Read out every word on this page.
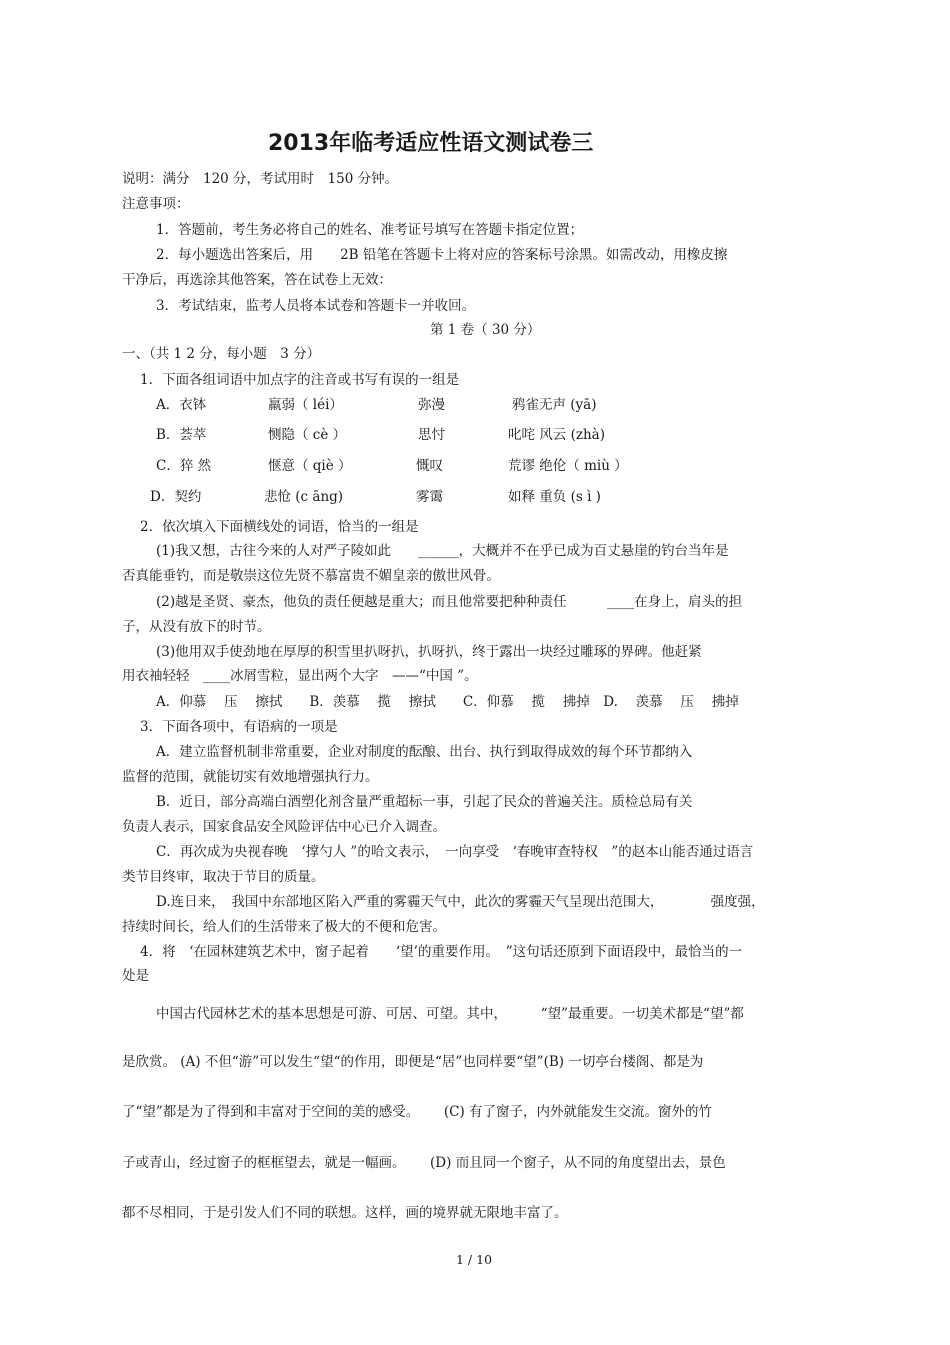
2013年临考适应性语文测试卷三
说明：满分　120 分，考试用时　150 分钟。
注意事项：
1．答题前，考生务必将自己的姓名、准考证号填写在答题卡指定位置；
2．每小题选出答案后，用　　2B 铅笔在答题卡上将对应的答案标号涂黑。如需改动，用橡皮擦
干净后，再选涂其他答案，答在试卷上无效：
3．考试结束，监考人员将本试卷和答题卡一并收回。
第 1 卷（ 30 分）
一、（共 1 2 分，每小题　3 分）
1．下面各组词语中加点字的注音或书写有误的一组是
A．衣钵	羸弱（ léi）	弥漫	鸦雀无声 (yā)
B．荟萃	恻隐（ cè ）	思忖	叱咤 风云 (zhà)
C．猝 然	惬意（ qiè ）	慨叹	荒谬 绝伦（ miù ）
D．契约	悲怆 (c āng)	雾霭	如释 重负 (s ì )
2．依次填入下面横线处的词语，恰当的一组是
(1)我又想，古往今来的人对严子陵如此　　______，大概并不在乎已成为百丈悬崖的钓台当年是
否真能垂钓，而是敬崇这位先贤不慕富贵不媚皇亲的傲世风骨。
(2)越是圣贤、豪杰，他负的责任便越是重大；而且他常要把种种责任　　　____在身上，肩头的担
子，从没有放下的时节。
(3)他用双手使劲地在厚厚的积雪里扒呀扒，扒呀扒，终于露出一块经过雕琢的界碑。他赶紧
用衣袖轻轻　____冰屑雪粒，显出两个大字　——“中国 ”。
A．仰慕　 压　 擦拭　　B．羡慕　 揽　 擦拭　　C．仰慕　 揽　 拂掉　D.　 羡慕　 压　 拂掉
3．下面各项中，有语病的一项是
A．建立监督机制非常重要，企业对制度的酝酿、出台、执行到取得成效的每个环节都纳入
监督的范围，就能切实有效地增强执行力。
B．近日，部分高端白酒塑化剂含量严重超标一事，引起了民众的普遍关注。质检总局有关
负责人表示，国家食品安全风险评估中心已介入调查。
C．再次成为央视春晚　‘撑勺人 ”的哈文表示，　一向享受　‘春晚审查特权　”的赵本山能否通过语言
类节目终审，取决于节目的质量。
D.连日来，　我国中东部地区陷入严重的雾霾天气中，此次的雾霾天气呈现出范围大，　　　　强度强，
持续时间长，给人们的生活带来了极大的不便和危害。
4．将　‘在园林建筑艺术中，窗子起着　　‘望’的重要作用。　”这句话还原到下面语段中，最恰当的一
处是
中国古代园林艺术的基本思想是可游、可居、可望。其中，　　　“望”最重要。一切美术都是“望”都
是欣赏。 (A) 不但“游”可以发生“望“的作用，即便是“居”也同样要“望”(B) 一切亭台楼阁、都是为
了“望”都是为了得到和丰富对于空间的美的感受。　　 (C) 有了窗子，内外就能发生交流。窗外的竹
子或青山，经过窗子的框框望去，就是一幅画。　　 (D) 而且同一个窗子，从不同的角度望出去，景色
都不尽相同，于是引发人们不同的联想。这样，画的境界就无限地丰富了。
1 / 10
